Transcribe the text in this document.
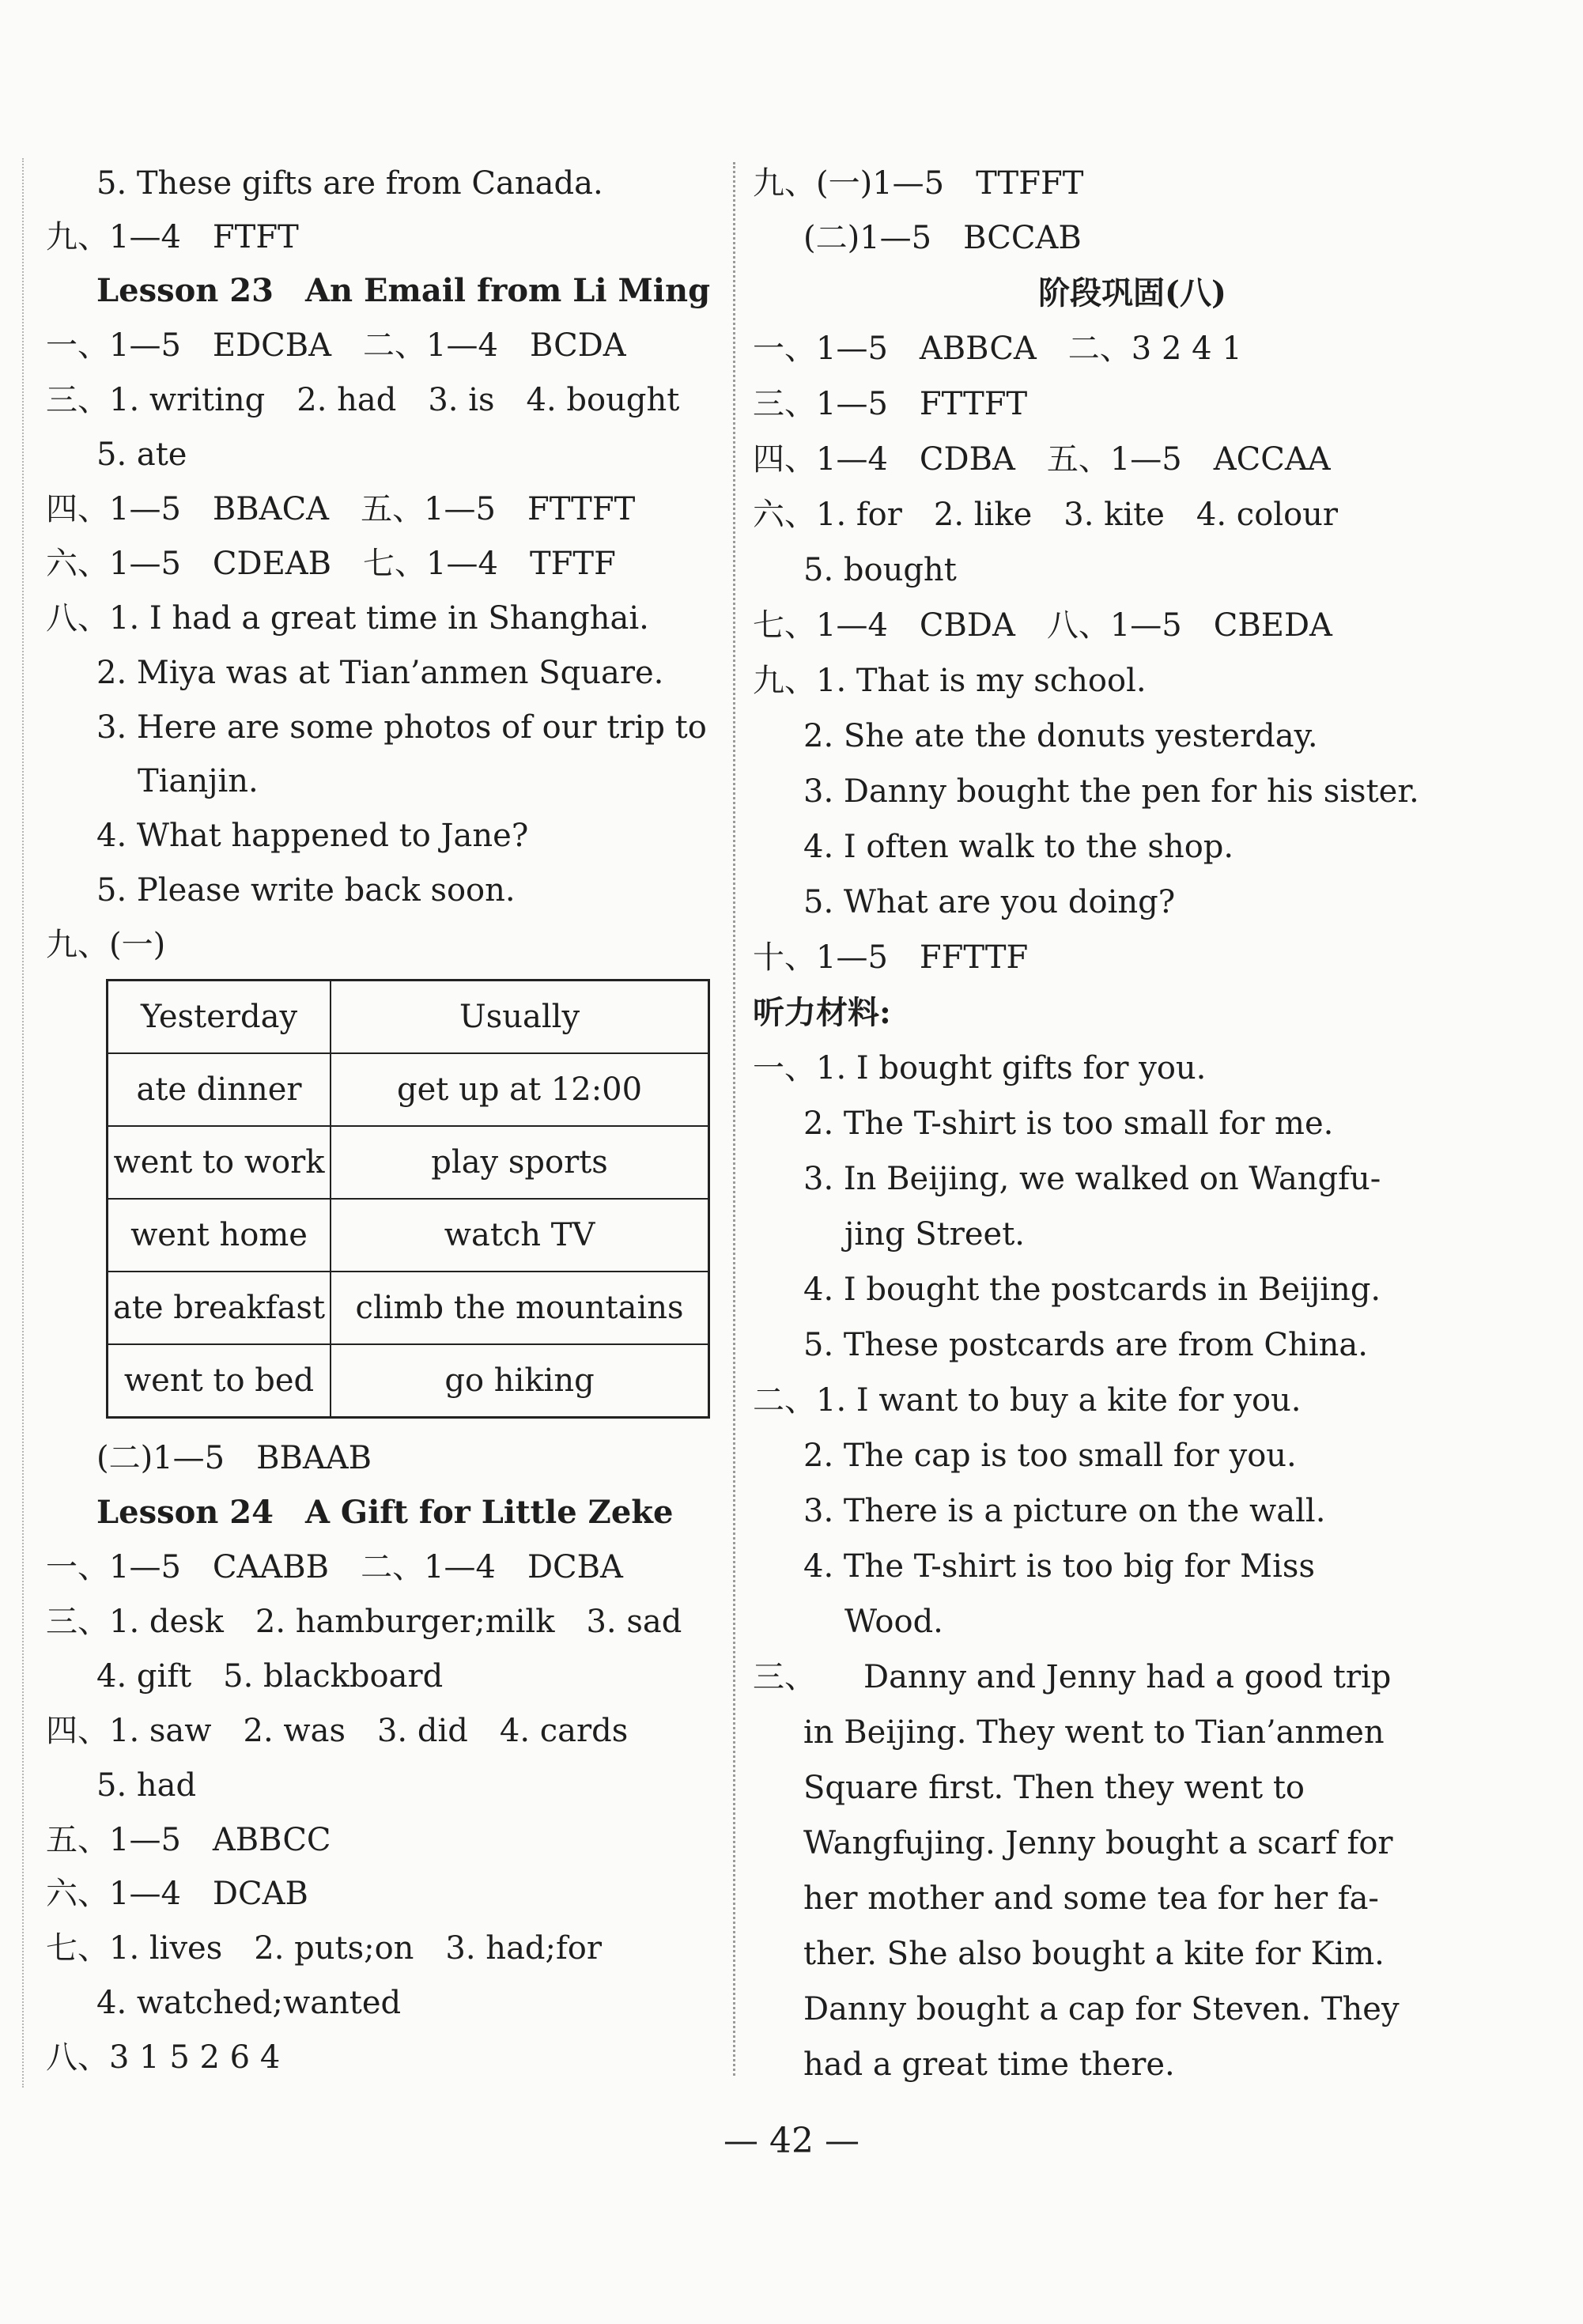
5. These gifts are from Canada.
九、1—4　FTFT
Lesson 23　An Email from Li Ming
一、1—5　EDCBA　二、1—4　BCDA
三、1. writing　2. had　3. is　4. bought
5. ate
四、1—5　BBACA　五、1—5　FTTFT
六、1—5　CDEAB　七、1—4　TFTF
八、1. I had a great time in Shanghai.
2. Miya was at Tian’anmen Square.
3. Here are some photos of our trip to
Tianjin.
4. What happened to Jane?
5. Please write back soon.
九、(一)
Yesterday	Usually
ate dinner	get up at 12:00
went to work	play sports
went home	watch TV
ate breakfast	climb the mountains
went to bed	go hiking
(二)1—5　BBAAB
Lesson 24　A Gift for Little Zeke
一、1—5　CAABB　二、1—4　DCBA
三、1. desk　2. hamburger;milk　3. sad
4. gift　5. blackboard
四、1. saw　2. was　3. did　4. cards
5. had
五、1—5　ABBCC
六、1—4　DCAB
七、1. lives　2. puts;on　3. had;for
4. watched;wanted
八、3 1 5 2 6 4
九、(一)1—5　TTFFT
(二)1—5　BCCAB
阶段巩固(八)
一、1—5　ABBCA　二、3 2 4 1
三、1—5　FTTFT
四、1—4　CDBA　五、1—5　ACCAA
六、1. for　2. like　3. kite　4. colour
5. bought
七、1—4　CBDA　八、1—5　CBEDA
九、1. That is my school.
2. She ate the donuts yesterday.
3. Danny bought the pen for his sister.
4. I often walk to the shop.
5. What are you doing?
十、1—5　FFTTF
听力材料:
一、1. I bought gifts for you.
2. The T-shirt is too small for me.
3. In Beijing, we walked on Wangfu-
jing Street.
4. I bought the postcards in Beijing.
5. These postcards are from China.
二、1. I want to buy a kite for you.
2. The cap is too small for you.
3. There is a picture on the wall.
4. The T-shirt is too big for Miss
Wood.
三、　　Danny and Jenny had a good trip
in Beijing. They went to Tian’anmen
Square first. Then they went to
Wangfujing. Jenny bought a scarf for
her mother and some tea for her fa-
ther. She also bought a kite for Kim.
Danny bought a cap for Steven. They
had a great time there.
— 42 —
